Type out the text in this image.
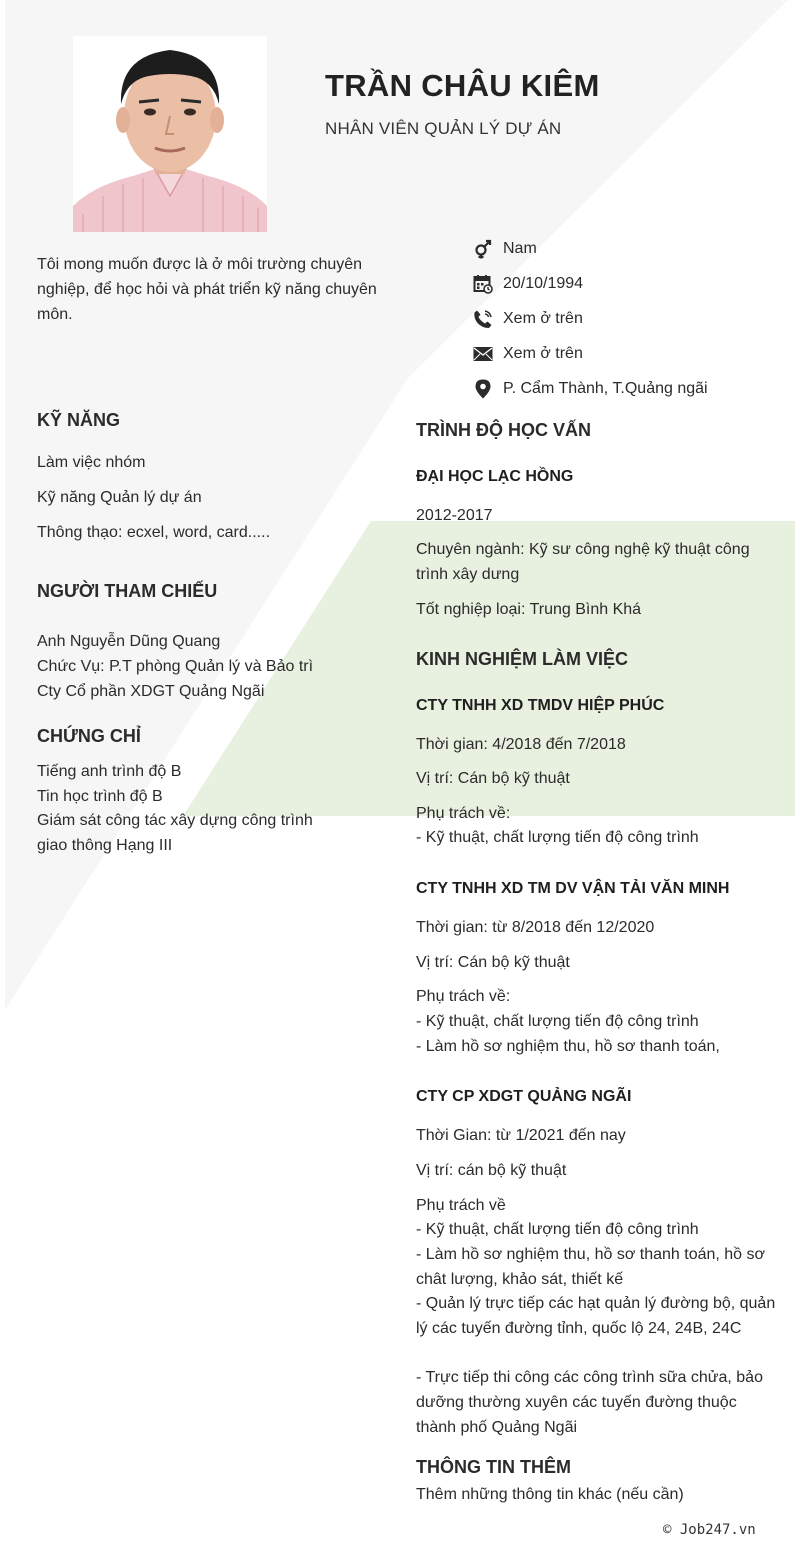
TRẦN CHÂU KIÊM
NHÂN VIÊN QUẢN LÝ DỰ ÁN
Tôi mong muốn được là ở môi trường chuyên nghiệp, để học hỏi và phát triển kỹ năng chuyên môn.
Nam
20/10/1994
Xem ở trên
Xem ở trên
P. Cẩm Thành, T.Quảng ngãi
KỸ NĂNG
Làm việc nhóm
Kỹ năng Quản lý dự án
Thông thạo: ecxel, word, card.....
NGƯỜI THAM CHIẾU
Anh Nguyễn Dũng Quang
Chức Vụ: P.T phòng Quản lý và Bảo trì
Cty Cổ phần XDGT Quảng Ngãi
CHỨNG CHỈ
Tiếng anh trình độ B
Tin học trình độ B
Giám sát công tác xây dựng công trình
giao thông Hạng III
TRÌNH ĐỘ HỌC VẤN
ĐẠI HỌC LẠC HỒNG
2012-2017
Chuyên ngành: Kỹ sư công nghệ kỹ thuật công trình xây dưng
Tốt nghiệp loại: Trung Bình Khá
KINH NGHIỆM LÀM VIỆC
CTY TNHH XD TMDV HIỆP PHÚC
Thời gian: 4/2018 đến 7/2018
Vị trí: Cán bộ kỹ thuật
Phụ trách về:
- Kỹ thuật, chất lượng tiến độ công trình
CTY TNHH XD TM DV VẬN TẢI VĂN MINH
Thời gian: từ 8/2018 đến 12/2020
Vị trí: Cán bộ kỹ thuật
Phụ trách về:
- Kỹ thuật, chất lượng tiến độ công trình
- Làm hồ sơ nghiệm thu, hồ sơ thanh toán,
CTY CP XDGT QUẢNG NGÃI
Thời Gian: từ 1/2021 đến nay
Vị trí: cán bộ kỹ thuật
Phụ trách về
- Kỹ thuật, chất lượng tiến độ công trình
- Làm hồ sơ nghiệm thu, hồ sơ thanh toán, hồ sơ chât lượng, khảo sát, thiết kế
- Quản lý trực tiếp các hạt quản lý đường bộ, quản lý các tuyến đường tỉnh, quốc lộ 24, 24B, 24C
- Trực tiếp thi công các công trình sữa chửa, bảo dưỡng thường xuyên các tuyến đường thuộc thành phố Quảng Ngãi
THÔNG TIN THÊM
Thêm những thông tin khác (nếu cần)
© Job247.vn
